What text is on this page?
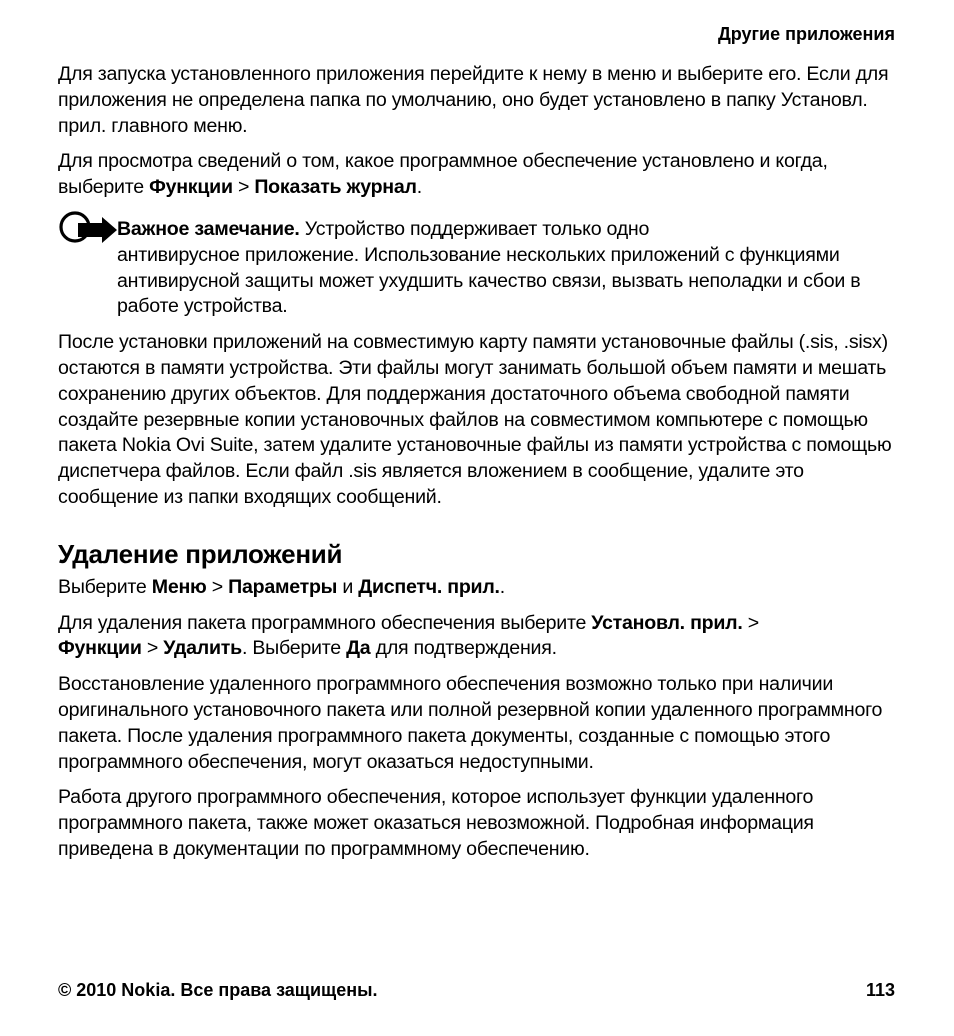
Другие приложения

Для запуска установленного приложения перейдите к нему в меню и выберите его. Если для приложения не определена папка по умолчанию, оно будет установлено в папку Установл. прил. главного меню.

Для просмотра сведений о том, какое программное обеспечение установлено и когда, выберите Функции > Показать журнал.

Важное замечание. Устройство поддерживает только одно
антивирусное приложение. Использование нескольких приложений с функциями антивирусной защиты может ухудшить качество связи, вызвать неполадки и сбои в работе устройства.

После установки приложений на совместимую карту памяти установочные файлы (.sis, .sisx) остаются в памяти устройства. Эти файлы могут занимать большой объем памяти и мешать сохранению других объектов. Для поддержания достаточного объема свободной памяти создайте резервные копии установочных файлов на совместимом компьютере с помощью пакета Nokia Ovi Suite, затем удалите установочные файлы из памяти устройства с помощью диспетчера файлов. Если файл .sis является вложением в сообщение, удалите это сообщение из папки входящих сообщений.

Удаление приложений

Выберите Меню > Параметры и Диспетч. прил..

Для удаления пакета программного обеспечения выберите Установл. прил. >
Функции > Удалить. Выберите Да для подтверждения.

Восстановление удаленного программного обеспечения возможно только при наличии оригинального установочного пакета или полной резервной копии удаленного программного пакета. После удаления программного пакета документы, созданные с помощью этого программного обеспечения, могут оказаться недоступными.

Работа другого программного обеспечения, которое использует функции удаленного программного пакета, также может оказаться невозможной. Подробная информация приведена в документации по программному обеспечению.

© 2010 Nokia. Все права защищены.	113
